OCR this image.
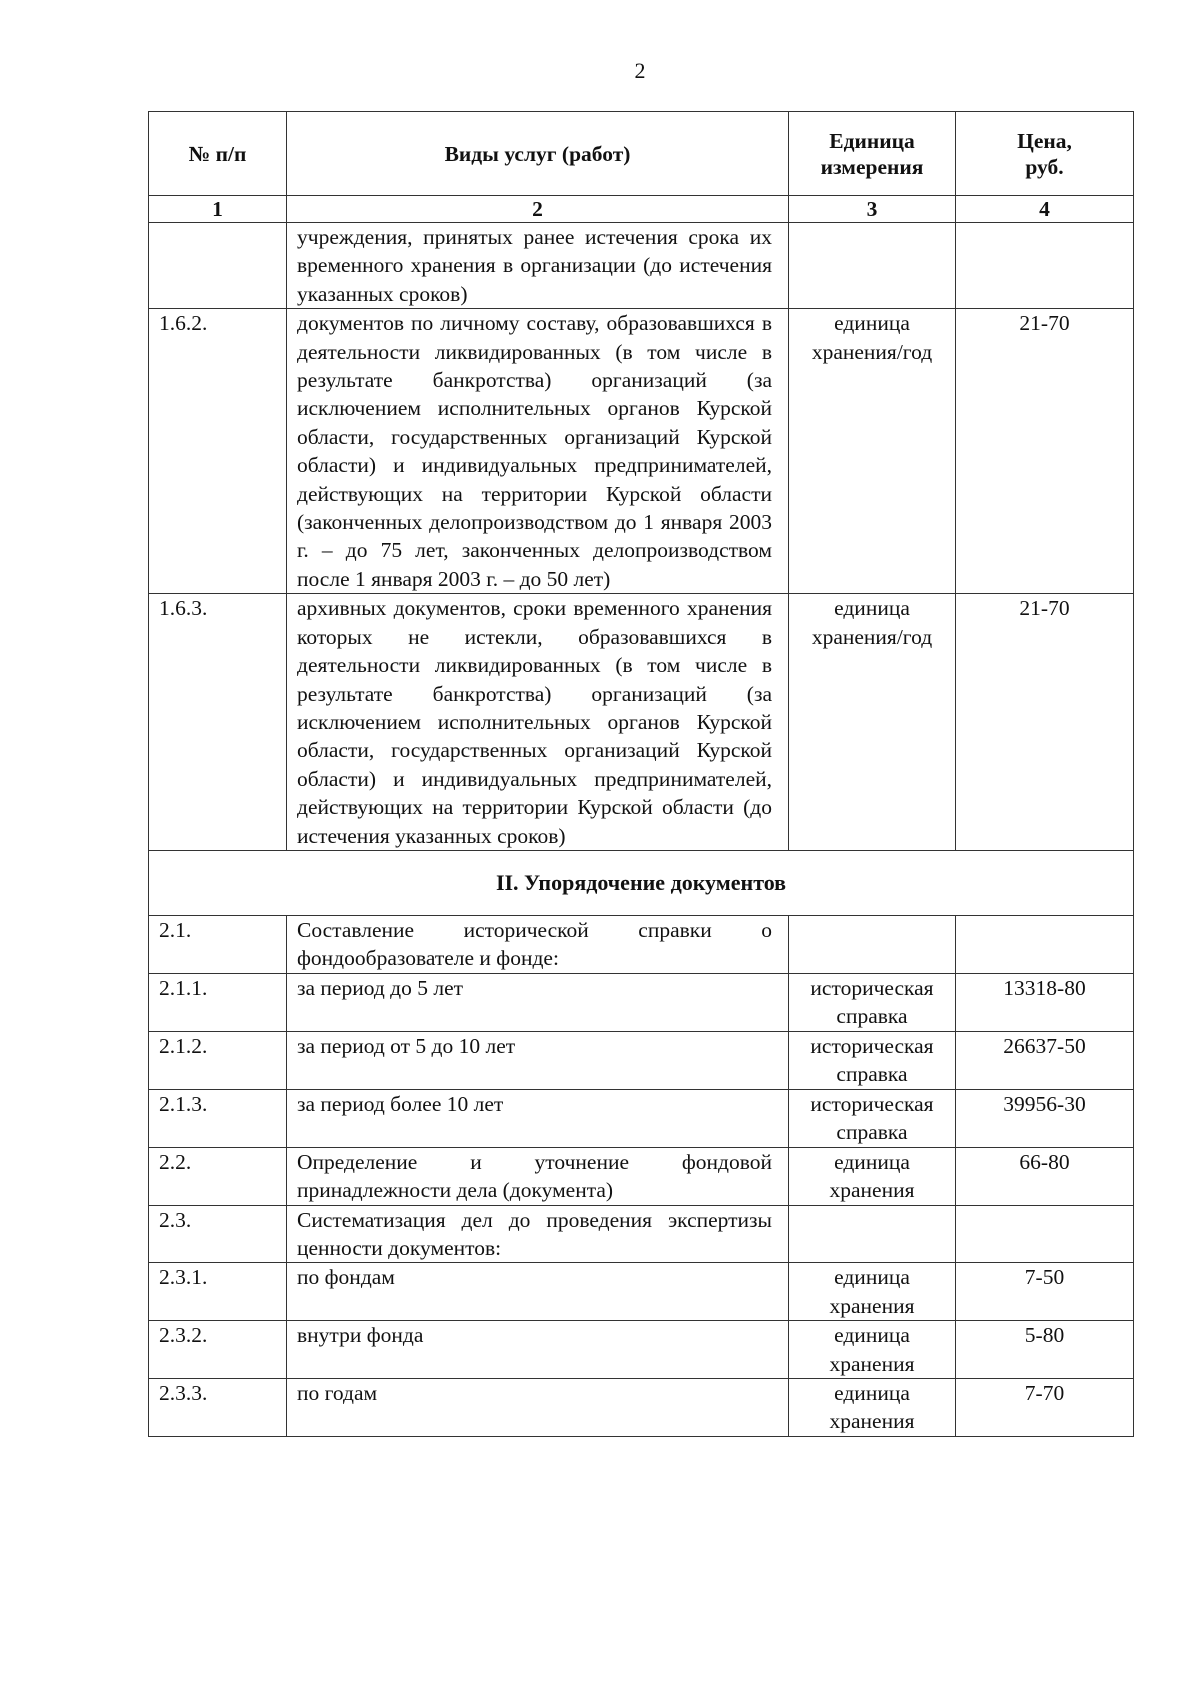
2
№ п/п	Виды услуг (работ)	Единица измерения	Цена, руб.
1	2	3	4
	учреждения, принятых ранее истечения срока их временного хранения в организации (до истечения указанных сроков)		
1.6.2.	документов по личному составу, образовавшихся в деятельности ликвидированных (в том числе в результате банкротства) организаций (за исключением исполнительных органов Курской области, государственных организаций Курской области) и индивидуальных предпринимателей, действующих на территории Курской области (законченных делопроизводством до 1 января 2003 г. – до 75 лет, законченных делопроизводством после 1 января 2003 г. – до 50 лет)	единица хранения/год	21-70
1.6.3.	архивных документов, сроки временного хранения которых не истекли, образовавшихся в деятельности ликвидированных (в том числе в результате банкротства) организаций (за исключением исполнительных органов Курской области, государственных организаций Курской области) и индивидуальных предпринимателей, действующих на территории Курской области (до истечения указанных сроков)	единица хранения/год	21-70
II. Упорядочение документов			
2.1.	Составление исторической справки о фондообразователе и фонде:		
2.1.1.	за период до 5 лет	историческая справка	13318-80
2.1.2.	за период от 5 до 10 лет	историческая справка	26637-50
2.1.3.	за период более 10 лет	историческая справка	39956-30
2.2.	Определение и уточнение фондовой принадлежности дела (документа)	единица хранения	66-80
2.3.	Систематизация дел до проведения экспертизы ценности документов:		
2.3.1.	по фондам	единица хранения	7-50
2.3.2.	внутри фонда	единица хранения	5-80
2.3.3.	по годам	единица хранения	7-70
